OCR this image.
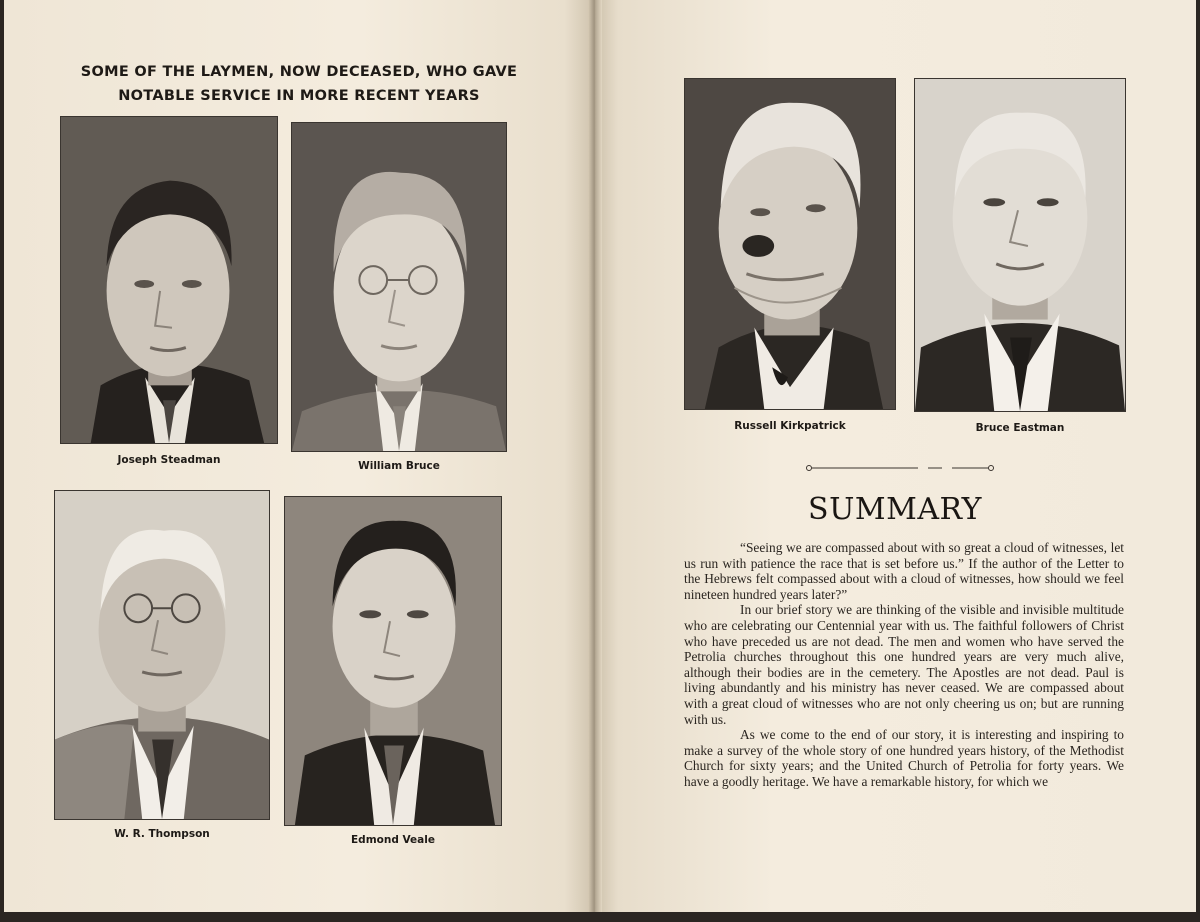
SOME OF THE LAYMEN, NOW DECEASED, WHO GAVE
NOTABLE SERVICE IN MORE RECENT YEARS
Joseph Steadman	William Bruce
W. R. Thompson	Edmond Veale
Russell Kirkpatrick	Bruce Eastman
SUMMARY

“Seeing we are compassed about with so great a cloud of witnesses, let us run with patience the race that is set before us.” If the author of the Letter to the Hebrews felt compassed about with a cloud of witnesses, how should we feel nineteen hundred years later?”

In our brief story we are thinking of the visible and invisible multitude who are celebrating our Centennial year with us. The faithful followers of Christ who have preceded us are not dead. The men and women who have served the Petrolia churches throughout this one hundred years are very much alive, although their bodies are in the cemetery. The Apostles are not dead. Paul is living abundantly and his ministry has never ceased. We are compassed about with a great cloud of witnesses who are not only cheering us on; but are running with us.

As we come to the end of our story, it is interesting and inspiring to make a survey of the whole story of one hundred years history, of the Methodist Church for sixty years; and the United Church of Petrolia for forty years. We have a goodly heritage. We have a remarkable history, for which we
